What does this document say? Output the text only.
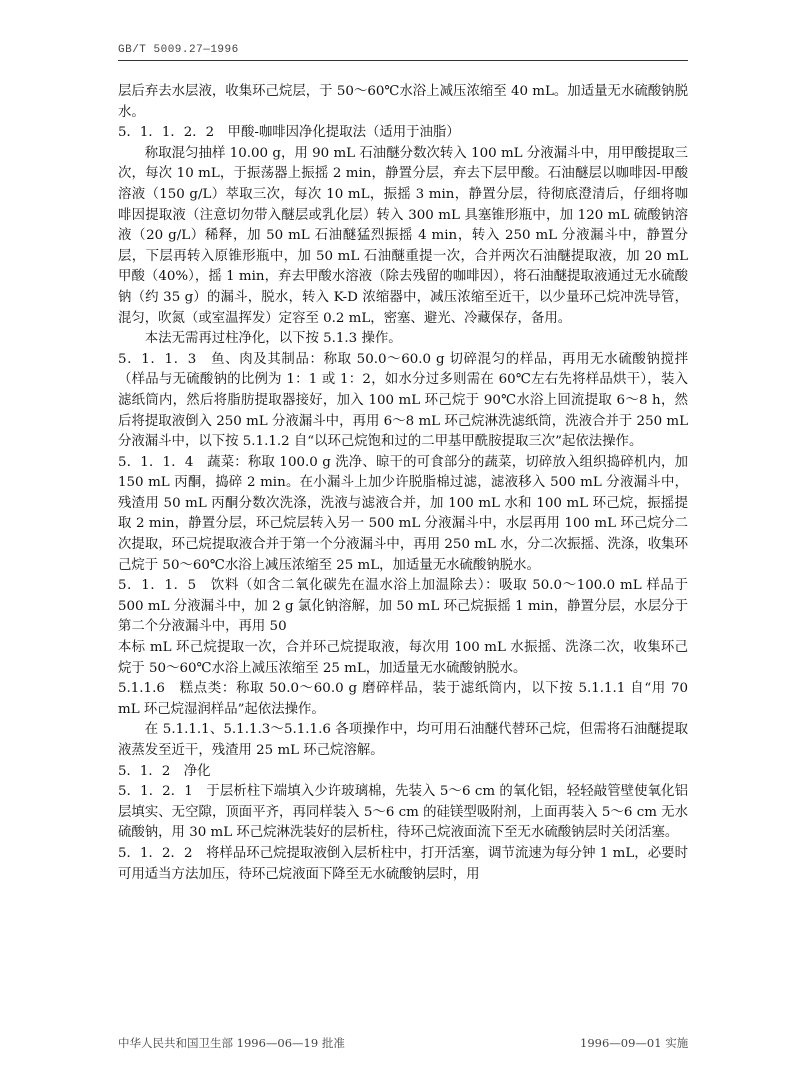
GB/T 5009.27—1996

层后弃去水层液，收集环己烷层，于 50～60℃水浴上减压浓缩至 40 mL。加适量无水硫酸钠脱水。

5．1．1．2．2　甲酸-咖啡因净化提取法（适用于油脂）

称取混匀抽样 10.00 g，用 90 mL 石油醚分数次转入 100 mL 分液漏斗中，用甲酸提取三次，每次 10 mL，于振荡器上振摇 2 min，静置分层，弃去下层甲酸。石油醚层以咖啡因-甲酸溶液（150 g/L）萃取三次，每次 10 mL，振摇 3 min，静置分层，待彻底澄清后，仔细将咖啡因提取液（注意切勿带入醚层或乳化层）转入 300 mL 具塞锥形瓶中，加 120 mL 硫酸钠溶液（20 g/L）稀释，加 50 mL 石油醚猛烈振摇 4 min，转入 250 mL 分液漏斗中，静置分层，下层再转入原锥形瓶中，加 50 mL 石油醚重提一次，合并两次石油醚提取液，加 20 mL 甲酸（40%），摇 1 min，弃去甲酸水溶液（除去残留的咖啡因），将石油醚提取液通过无水硫酸钠（约 35 g）的漏斗，脱水，转入 K-D 浓缩器中，减压浓缩至近干，以少量环己烷冲洗导管，混匀，吹氮（或室温挥发）定容至 0.2 mL，密塞、避光、冷藏保存，备用。

本法无需再过柱净化，以下按 5.1.3 操作。

5．1．1．3　鱼、肉及其制品：称取 50.0～60.0 g 切碎混匀的样品，再用无水硫酸钠搅拌（样品与无硫酸钠的比例为 1：1 或 1：2，如水分过多则需在 60℃左右先将样品烘干），装入滤纸筒内，然后将脂肪提取器接好，加入 100 mL 环己烷于 90℃水浴上回流提取 6～8 h，然后将提取液倒入 250 mL 分液漏斗中，再用 6～8 mL 环己烷淋洗滤纸筒，洗液合并于 250 mL 分液漏斗中，以下按 5.1.1.2 自“以环己烷饱和过的二甲基甲酰胺提取三次”起依法操作。

5．1．1．4　蔬菜：称取 100.0 g 洗净、晾干的可食部分的蔬菜，切碎放入组织捣碎机内，加 150 mL 丙酮，捣碎 2 min。在小漏斗上加少许脱脂棉过滤，滤液移入 500 mL 分液漏斗中，残渣用 50 mL 丙酮分数次洗涤，洗液与滤液合并，加 100 mL 水和 100 mL 环己烷，振摇提取 2 min，静置分层，环己烷层转入另一 500 mL 分液漏斗中，水层再用 100 mL 环己烷分二次提取，环己烷提取液合并于第一个分液漏斗中，再用 250 mL 水，分二次振摇、洗涤，收集环己烷于 50～60℃水浴上减压浓缩至 25 mL，加适量无水硫酸钠脱水。

5．1．1．5　饮料（如含二氧化碳先在温水浴上加温除去）：吸取 50.0～100.0 mL 样品于 500 mL 分液漏斗中，加 2 g 氯化钠溶解，加 50 mL 环己烷振摇 1 min，静置分层，水层分于第二个分液漏斗中，再用 50

本标 mL 环己烷提取一次，合并环己烷提取液，每次用 100 mL 水振摇、洗涤二次，收集环己烷于 50～60℃水浴上减压浓缩至 25 mL，加适量无水硫酸钠脱水。

5.1.1.6　糕点类：称取 50.0～60.0 g 磨碎样品，装于滤纸筒内，以下按 5.1.1.1 自“用 70 mL 环己烷湿润样品”起依法操作。

在 5.1.1.1、5.1.1.3～5.1.1.6 各项操作中，均可用石油醚代替环己烷，但需将石油醚提取液蒸发至近干，残渣用 25 mL 环己烷溶解。

5．1．2　净化

5．1．2．1　于层析柱下端填入少许玻璃棉，先装入 5～6 cm 的氧化铝，轻轻敲管壁使氧化铝层填实、无空隙，顶面平齐，再同样装入 5～6 cm 的硅镁型吸附剂，上面再装入 5～6 cm 无水硫酸钠，用 30 mL 环己烷淋洗装好的层析柱，待环己烷液面流下至无水硫酸钠层时关闭活塞。

5．1．2．2　将样品环己烷提取液倒入层析柱中，打开活塞，调节流速为每分钟 1 mL，必要时可用适当方法加压，待环己烷液面下降至无水硫酸钠层时，用

中华人民共和国卫生部 1996—06—19 批准	1996—09—01 实施
